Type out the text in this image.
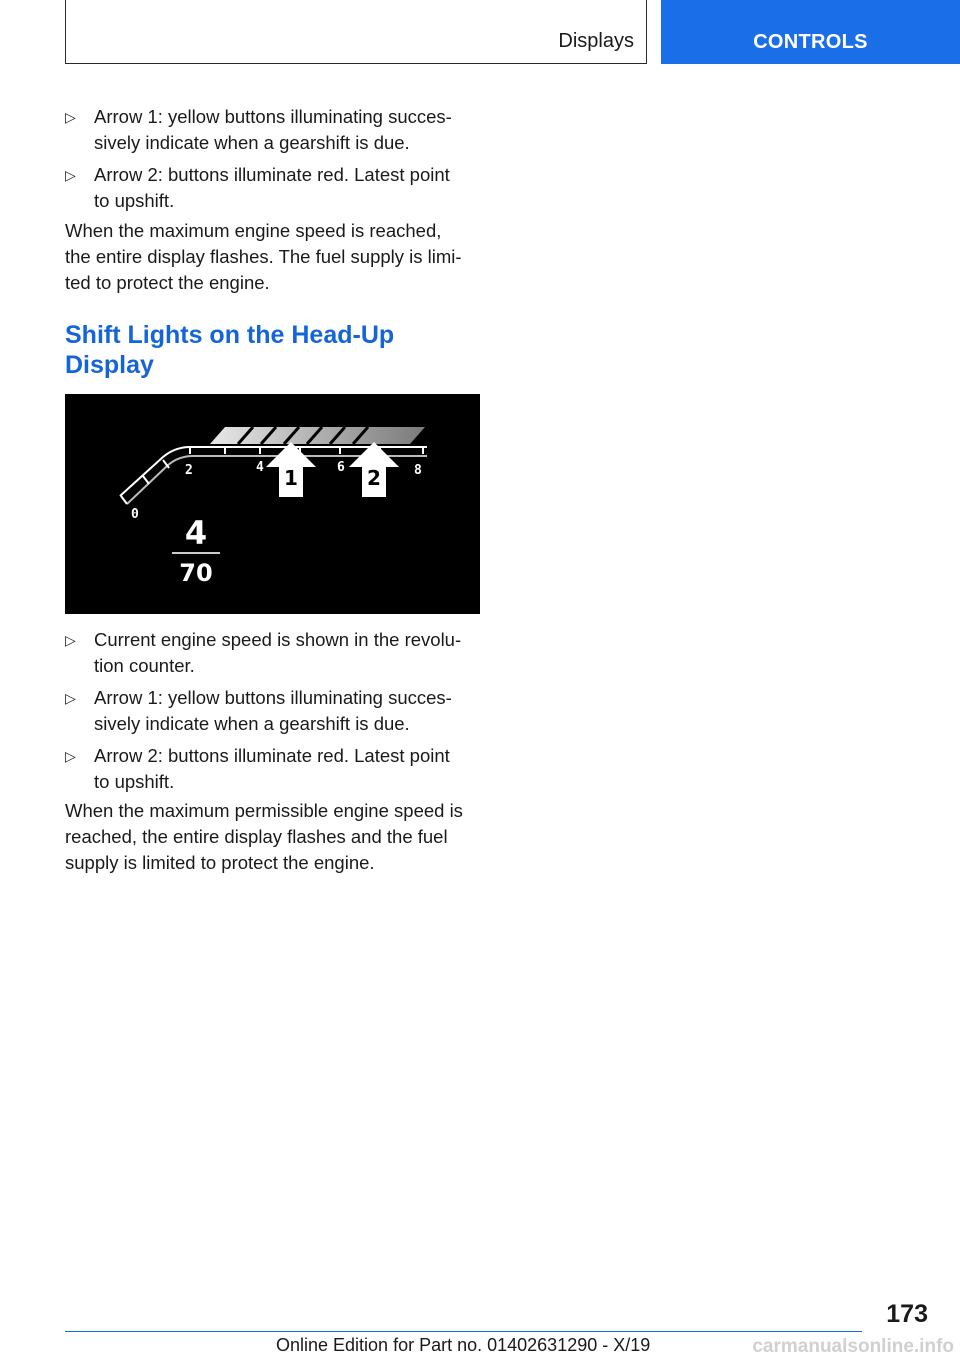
Displays	CONTROLS
▷ Arrow 1: yellow buttons illuminating succes-
sively indicate when a gearshift is due.
▷ Arrow 2: buttons illuminate red. Latest point
to upshift.
When the maximum engine speed is reached,
the entire display flashes. The fuel supply is limi-
ted to protect the engine.
Shift Lights on the Head-Up
Display
0
2	4	6	8
1	2
4
70
▷ Current engine speed is shown in the revolu-
tion counter.
▷ Arrow 1: yellow buttons illuminating succes-
sively indicate when a gearshift is due.
▷ Arrow 2: buttons illuminate red. Latest point
to upshift.
When the maximum permissible engine speed is
reached, the entire display flashes and the fuel
supply is limited to protect the engine.
173
Online Edition for Part no. 01402631290 - X/19	carmanualsonline.info
